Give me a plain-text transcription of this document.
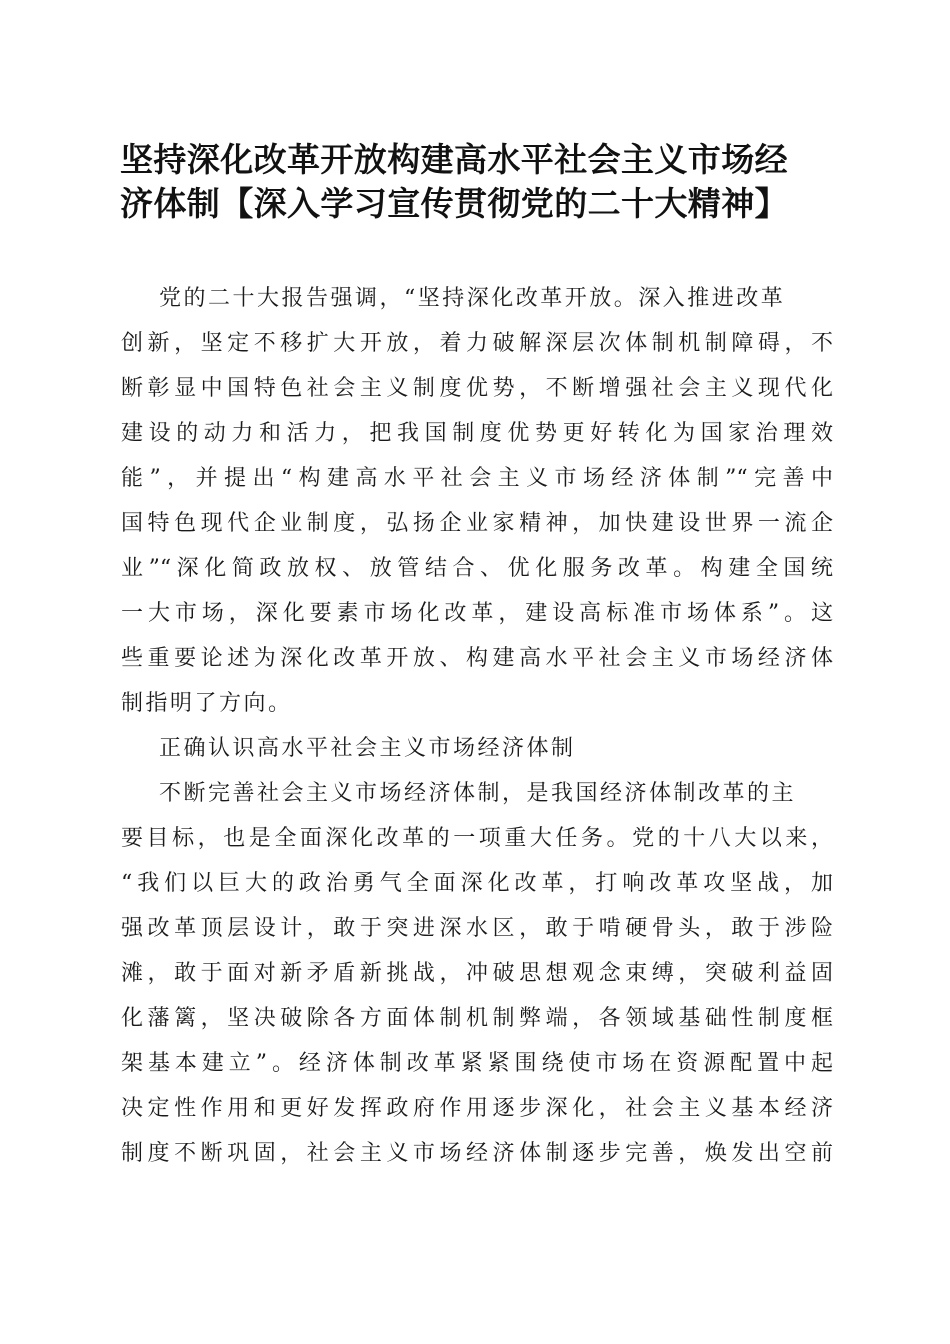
坚持深化改革开放构建高水平社会主义市场经
济体制【深入学习宣传贯彻党的二十大精神】

党的二十大报告强调，“坚持深化改革开放。深入推进改革
创新，坚定不移扩大开放，着力破解深层次体制机制障碍，不
断彰显中国特色社会主义制度优势，不断增强社会主义现代化
建设的动力和活力，把我国制度优势更好转化为国家治理效
能”，并提出“构建高水平社会主义市场经济体制”“完善中
国特色现代企业制度，弘扬企业家精神，加快建设世界一流企
业”“深化简政放权、放管结合、优化服务改革。构建全国统
一大市场，深化要素市场化改革，建设高标准市场体系”。这
些重要论述为深化改革开放、构建高水平社会主义市场经济体
制指明了方向。

正确认识高水平社会主义市场经济体制

不断完善社会主义市场经济体制，是我国经济体制改革的主
要目标，也是全面深化改革的一项重大任务。党的十八大以来，
“我们以巨大的政治勇气全面深化改革，打响改革攻坚战，加
强改革顶层设计，敢于突进深水区，敢于啃硬骨头，敢于涉险
滩，敢于面对新矛盾新挑战，冲破思想观念束缚，突破利益固
化藩篱，坚决破除各方面体制机制弊端，各领域基础性制度框
架基本建立”。经济体制改革紧紧围绕使市场在资源配置中起
决定性作用和更好发挥政府作用逐步深化，社会主义基本经济
制度不断巩固，社会主义市场经济体制逐步完善，焕发出空前
